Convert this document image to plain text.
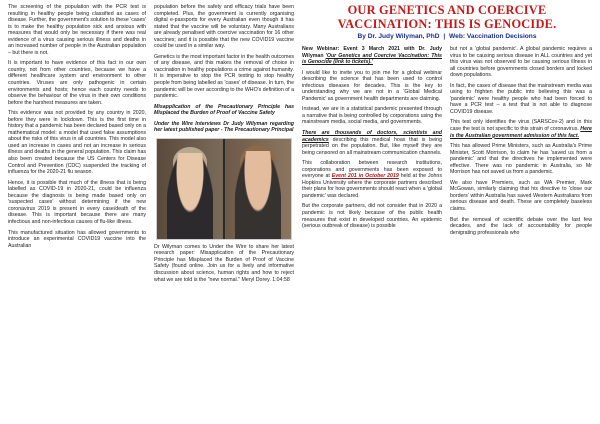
The screening of the population with the PCR test is resulting in healthy people being classified as cases of disease. Further, the government's solution to these 'cases' is to make the healthy population sick and anxious with measures that would only be necessary if there was real evidence of a virus causing serious illness and deaths in an increased number of people in the Australian population – but there is not.

It is important to have evidence of this fact in our own country, not from other countries, because we have a different healthcare system and environment to other countries. Viruses are only pathogenic in certain environments and hosts; hence each country needs to observe the behaviour of the virus in their own conditions before the harshest measures are taken.

This evidence was not provided by any country in 2020, before they were in lockdown. This is the first time in history that a pandemic has been declared based only on a mathematical model: a model that used false assumptions about the risks of this virus in all countries. This model also used an increase in cases and not an increase in serious illness and deaths in the general population. This claim has also been created because the US Centers for Disease Control and Prevention (CDC) suspended the tracking of influenza for the 2020-21 flu season.

Hence, it is possible that much of the illness that is being labelled as COVID-19 in 2020-21, could be influenza because the diagnosis is being made based only on 'suspected cases' without determining if the new coronavirus 2019 is present in every case/death of the disease. This is important because there are many infectious and non-infectious causes of flu-like illness.

This manufactured situation has allowed governments to introduce an experimental COVID19 vaccine into the Australian

population before the safety and efficacy trials have been completed. Plus, the government is currently organising digital e-passports for every Australian even though it has stated that the vaccine will be voluntary. Many Australians are already penalised with coercive vaccination for 16 other vaccines; and it is possible that the new COVID19 vaccine could be used in a similar way.

Genetics is the most important factor in the health outcomes of any disease, and this makes the removal of choice in vaccination in healthy populations a crime against humanity. It is imperative to stop the PCR testing to stop healthy people from being labelled as 'cases' of disease. In turn, the pandemic will be over according to the WHO's definition of a pandemic.

Misapplication of the Precautionary Principle has Misplaced the Burden of Proof of Vaccine Safety

Under the Wire Interviews Dr Judy Wilyman regarding her latest published paper - The Precautionary Principal

Dr Wilyman comes to Under the Wire to share her latest research paper: Misapplication of the Precautionary Principle has Misplaced the Burden of Proof of Vaccine Safety (found online. Join us for a lively and informative discussion about science, human rights and how to reject what we are told is the "new normal." Meryl Dorey. 1:04:58

OUR GENETICS AND COERCIVE VACCINATION: THIS IS GENOCIDE.
By Dr. Judy Wilyman, PhD | Web: Vaccination Decisions

New Webinar: Event 3 March 2021 with Dr. Judy Wilyman 'Our Genetics and Coercive Vaccination: This is Genocide (link to tickets).'

I would like to invite you to join me for a global webinar describing the science that has been used to control infectious diseases for decades. This is the key to understanding why we are not in a 'Global Medical Pandemic' as government health departments are claiming.

Instead, we are in a statistical pandemic presented through a narrative that is being controlled by corporations using the mainstream media, social media, and governments.

There are thousands of doctors, scientists and academics describing this medical hoax that is being perpetrated on the population. But, like myself they are being censored on all mainstream communication channels.

This collaboration between research institutions, corporations and governments has been exposed to everyone at Event 201 in October 2019 held at the Johns Hopkins University where the corporate partners described their plans for how governments should react when a 'global pandemic' was declared.

But the corporate partners, did not consider that in 2020 a pandemic is not likely because of the public health measures that exist in developed countries. An epidemic (serious outbreak of disease) is possible

but not a 'global pandemic'. A global pandemic requires a virus to be causing serious disease in ALL countries and yet this virus was not observed to be causing serious illness in all countries before governments closed borders and locked down populations.

In fact, the cases of disease that the mainstream media was using to frighten the public into believing this was a 'pandemic' were healthy people who had been forced to have a PCR test – a test that is not able to diagnose COVID19 disease.

This test only identifies the virus (SARSCov-2) and in this case the test is not specific to this strain of coronavirus. Here is the Australian government admission of this fact.

This has allowed Prime Ministers, such as Australia's Prime Minister, Scott Morrison, to claim he has 'saved us from a pandemic' and that the directives he implemented were effective. There was no pandemic in Australia, so Mr Morrison has not saved us from a pandemic.

We also have Premiers, such as WA Premier, Mark McGowan, similarly claiming that his directive to 'close our borders' within Australia has saved Western Australians from serious disease and death. These are completely baseless claims.

But the removal of scientific debate over the last few decades, and the lack of accountability for people denigrating professionals who
